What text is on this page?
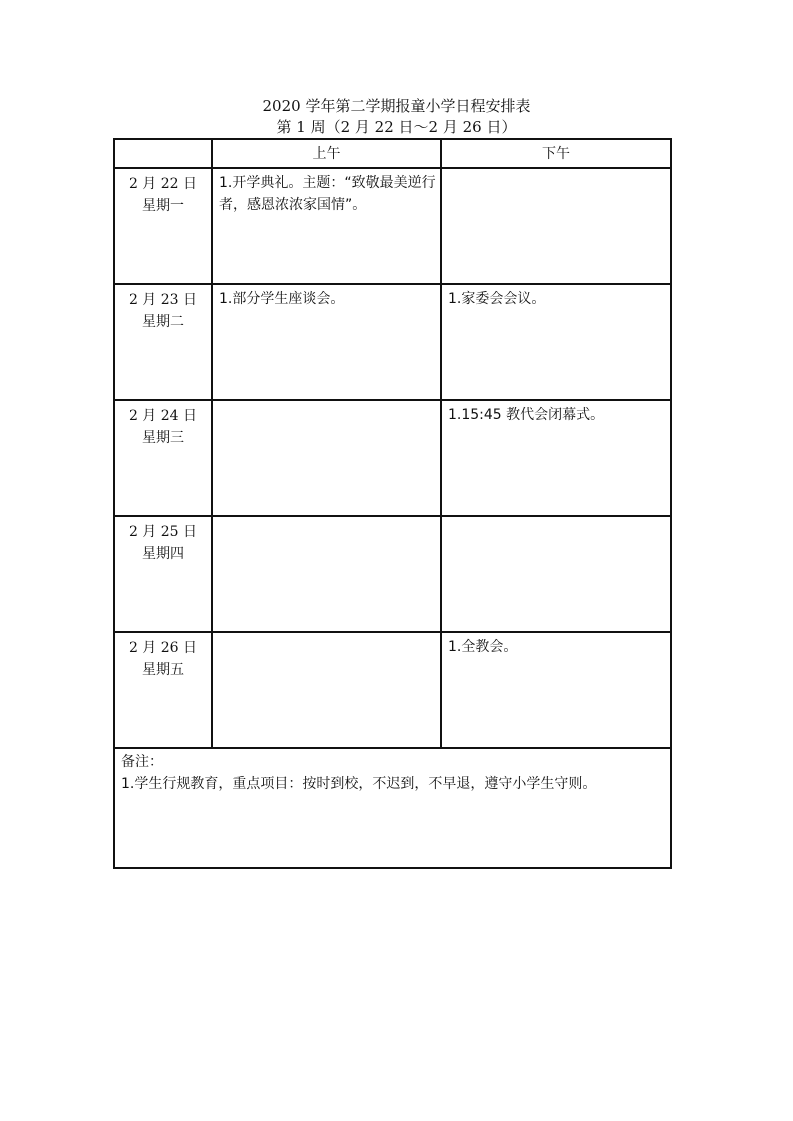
2020 学年第二学期报童小学日程安排表
第 1 周（2 月 22 日～2 月 26 日）
	上午	下午

2 月 22 日
星期一	1.开学典礼。主题：“致敬最美逆行者，感恩浓浓家国情”。	

2 月 23 日
星期二	1.部分学生座谈会。	1.家委会会议。

2 月 24 日
星期三		1.15:45 教代会闭幕式。

2 月 25 日
星期四		

2 月 26 日
星期五		1.全教会。

备注：
1.学生行规教育，重点项目：按时到校，不迟到，不早退，遵守小学生守则。		
